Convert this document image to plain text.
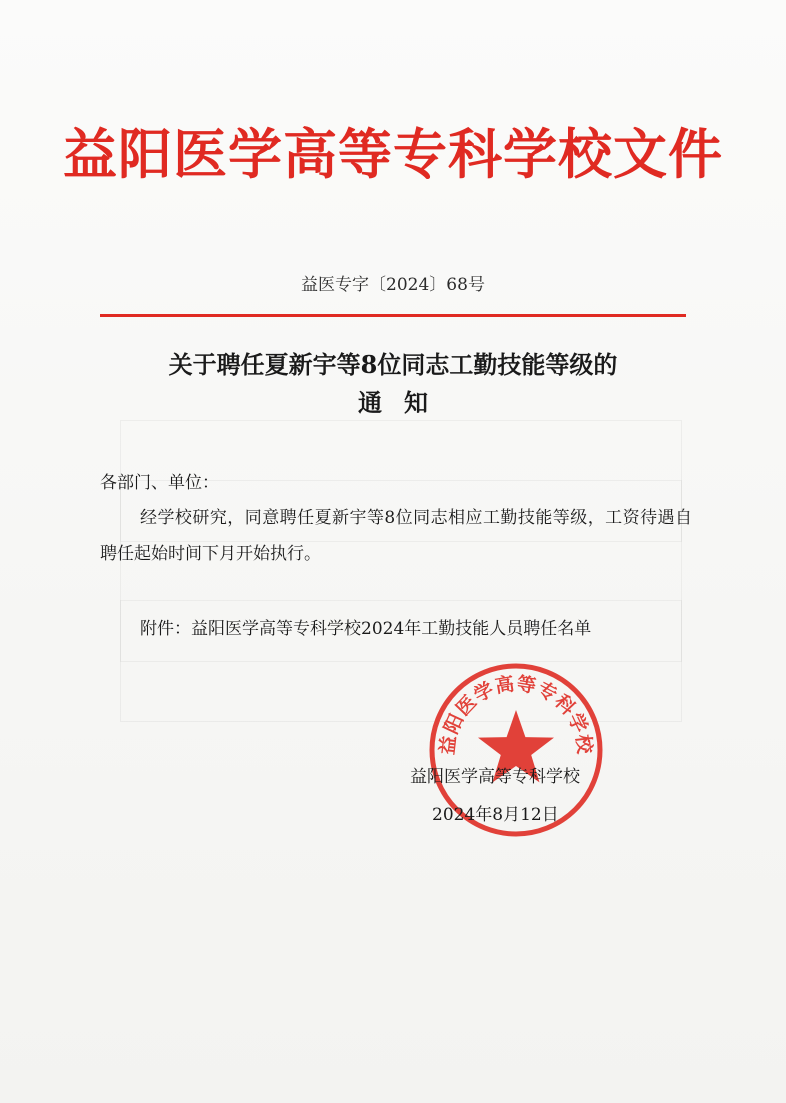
益阳医学高等专科学校文件
益医专字〔2024〕68号
关于聘任夏新宇等8位同志工勤技能等级的
通知
各部门、单位：
经学校研究，同意聘任夏新宇等8位同志相应工勤技能等级，工资待遇自聘任起始时间下月开始执行。
附件：益阳医学高等专科学校2024年工勤技能人员聘任名单
益阳医学高等专科学校
益阳医学高等专科学校
2024年8月12日
